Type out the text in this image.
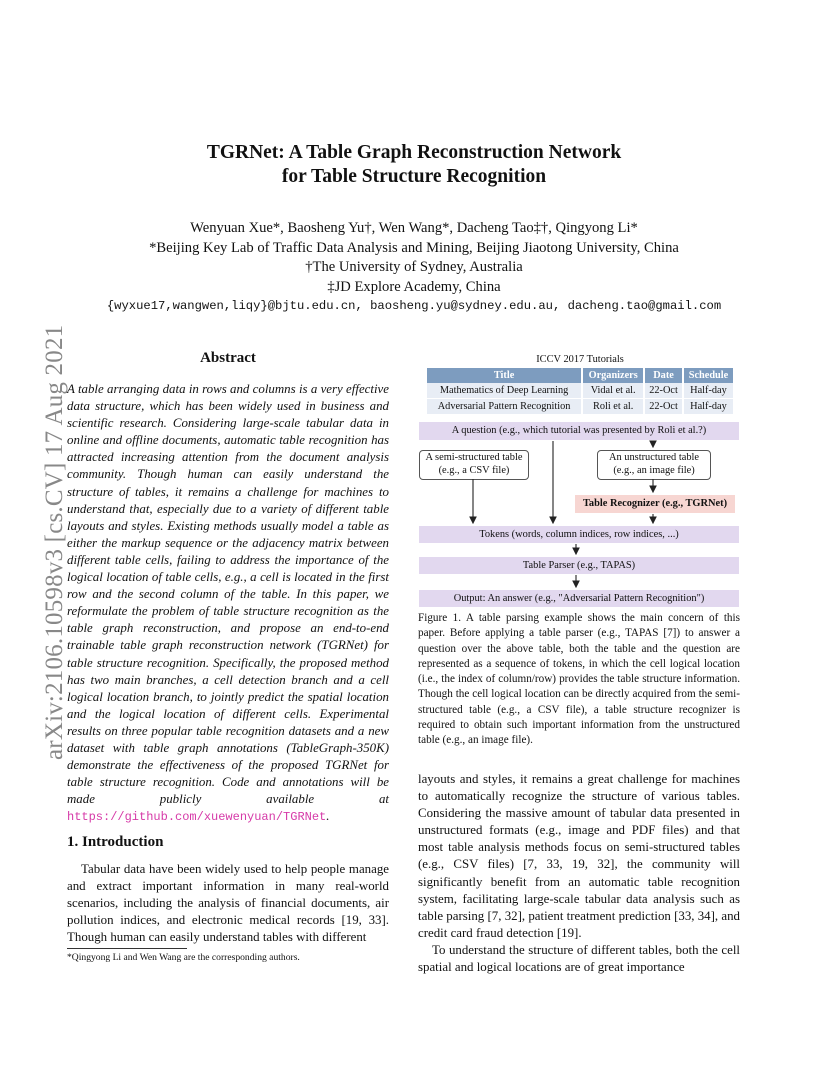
arXiv:2106.10598v3 [cs.CV] 17 Aug 2021
TGRNet: A Table Graph Reconstruction Network
for Table Structure Recognition
Wenyuan Xue*, Baosheng Yu†, Wen Wang*, Dacheng Tao‡†, Qingyong Li*
*Beijing Key Lab of Traffic Data Analysis and Mining, Beijing Jiaotong University, China
†The University of Sydney, Australia
‡JD Explore Academy, China
{wyxue17,wangwen,liqy}@bjtu.edu.cn, baosheng.yu@sydney.edu.au, dacheng.tao@gmail.com
Abstract
A table arranging data in rows and columns is a very effective data structure, which has been widely used in business and scientific research. Considering large-scale tabular data in online and offline documents, automatic table recognition has attracted increasing attention from the document analysis community. Though human can easily understand the structure of tables, it remains a challenge for machines to understand that, especially due to a variety of different table layouts and styles. Existing methods usually model a table as either the markup sequence or the adjacency matrix between different table cells, failing to address the importance of the logical location of table cells, e.g., a cell is located in the first row and the second column of the table. In this paper, we reformulate the problem of table structure recognition as the table graph reconstruction, and propose an end-to-end trainable table graph reconstruction network (TGRNet) for table structure recognition. Specifically, the proposed method has two main branches, a cell detection branch and a cell logical location branch, to jointly predict the spatial location and the logical location of different cells. Experimental results on three popular table recognition datasets and a new dataset with table graph annotations (TableGraph-350K) demonstrate the effectiveness of the proposed TGRNet for table structure recognition. Code and annotations will be made publicly available at https://github.com/xuewenyuan/TGRNet.
1. Introduction
Tabular data have been widely used to help people manage and extract important information in many real-world scenarios, including the analysis of financial documents, air pollution indices, and electronic medical records [19, 33]. Though human can easily understand tables with different
*Qingyong Li and Wen Wang are the corresponding authors.
ICCV 2017 Tutorials
Title	Organizers	Date	Schedule
Mathematics of Deep Learning	Vidal et al.	22-Oct	Half-day
Adversarial Pattern Recognition	Roli et al.	22-Oct	Half-day
A question (e.g., which tutorial was presented by Roli et al.?)
A semi-structured table
(e.g., a CSV file)
An unstructured table
(e.g., an image file)
Table Recognizer (e.g., TGRNet)
Tokens (words, column indices, row indices, ...)
Table Parser (e.g., TAPAS)
Output: An answer (e.g., "Adversarial Pattern Recognition")
Figure 1. A table parsing example shows the main concern of this paper. Before applying a table parser (e.g., TAPAS [7]) to answer a question over the above table, both the table and the question are represented as a sequence of tokens, in which the cell logical location (i.e., the index of column/row) provides the table structure information. Though the cell logical location can be directly acquired from the semi-structured table (e.g., a CSV file), a table structure recognizer is required to obtain such important information from the unstructured table (e.g., an image file).

layouts and styles, it remains a great challenge for machines to automatically recognize the structure of various tables. Considering the massive amount of tabular data presented in unstructured formats (e.g., image and PDF files) and that most table analysis methods focus on semi-structured tables (e.g., CSV files) [7, 33, 19, 32], the community will significantly benefit from an automatic table recognition system, facilitating large-scale tabular data analysis such as table parsing [7, 32], patient treatment prediction [33, 34], and credit card fraud detection [19].

To understand the structure of different tables, both the cell spatial and logical locations are of great importance
